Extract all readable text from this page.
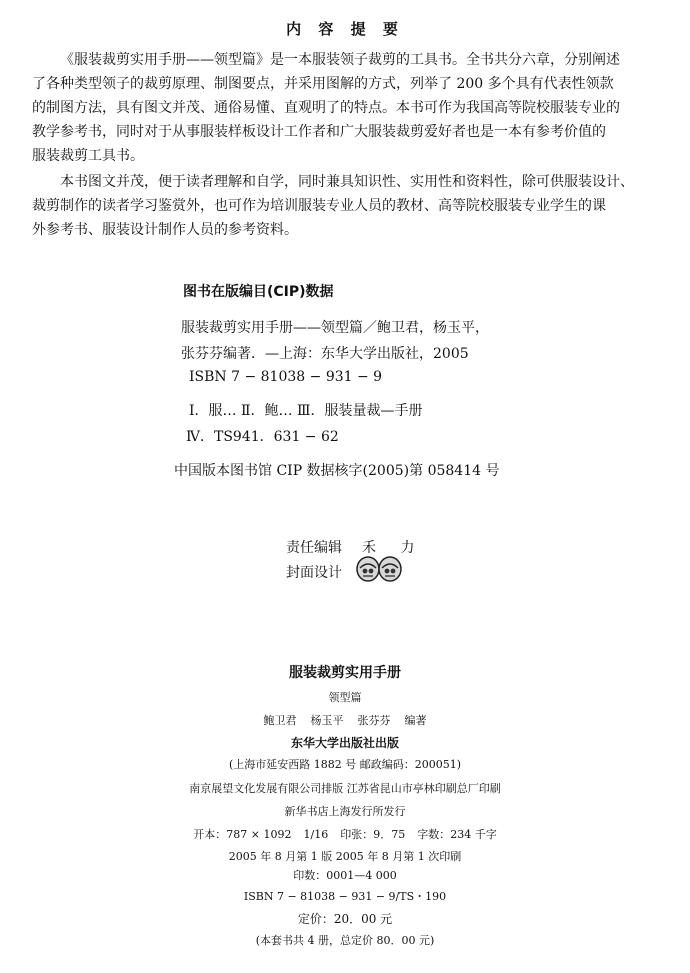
内 容 提 要
《服装裁剪实用手册——领型篇》是一本服装领子裁剪的工具书。全书共分六章，分别阐述
了各种类型领子的裁剪原理、制图要点，并采用图解的方式，列举了 200 多个具有代表性领款
的制图方法，具有图文并茂、通俗易懂、直观明了的特点。本书可作为我国高等院校服装专业的
教学参考书，同时对于从事服装样板设计工作者和广大服装裁剪爱好者也是一本有参考价值的
服装裁剪工具书。
本书图文并茂，便于读者理解和自学，同时兼具知识性、实用性和资料性，除可供服装设计、
裁剪制作的读者学习鉴赏外，也可作为培训服装专业人员的教材、高等院校服装专业学生的课
外参考书、服装设计制作人员的参考资料。
图书在版编目(CIP)数据
服装裁剪实用手册——领型篇／鲍卫君，杨玉平，
张芬芬编著．—上海：东华大学出版社，2005
ISBN 7 − 81038 − 931 − 9
Ⅰ．服… Ⅱ．鲍… Ⅲ．服装量裁—手册
Ⅳ．TS941．631 − 62
中国版本图书馆 CIP 数据核字(2005)第 058414 号
责任编辑 禾 力
封面设计
服装裁剪实用手册
领型篇
鲍卫君 杨玉平 张芬芬 编著
东华大学出版社出版
(上海市延安西路 1882 号 邮政编码：200051)
南京展望文化发展有限公司排版 江苏省昆山市亭林印刷总厂印刷
新华书店上海发行所发行
开本：787 × 1092 1/16 印张：9．75 字数：234 千字
2005 年 8 月第 1 版 2005 年 8 月第 1 次印刷
印数：0001—4 000
ISBN 7 − 81038 − 931 − 9/TS・190
定价：20．00 元
(本套书共 4 册，总定价 80．00 元)
